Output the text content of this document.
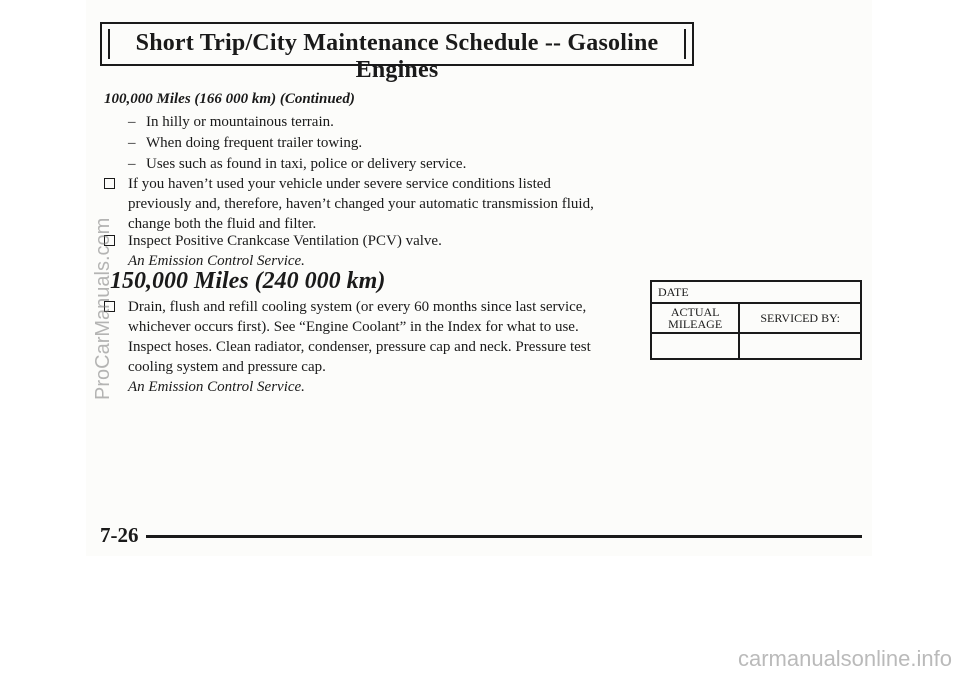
Short Trip/City Maintenance Schedule -- Gasoline Engines
100,000 Miles (166 000 km) (Continued)
– In hilly or mountainous terrain.
– When doing frequent trailer towing.
– Uses such as found in taxi, police or delivery service.
If you haven’t used your vehicle under severe service conditions listed
previously and, therefore, haven’t changed your automatic transmission fluid,
change both the fluid and filter.
Inspect Positive Crankcase Ventilation (PCV) valve.
An Emission Control Service.
150,000 Miles (240 000 km)
Drain, flush and refill cooling system (or every 60 months since last service,
whichever occurs first). See “Engine Coolant” in the Index for what to use.
Inspect hoses. Clean radiator, condenser, pressure cap and neck. Pressure test
cooling system and pressure cap.
An Emission Control Service.
DATE	

ACTUAL
MILEAGE	SERVICED BY:

7-26
ProCarManuals.com
carmanualsonline.info
